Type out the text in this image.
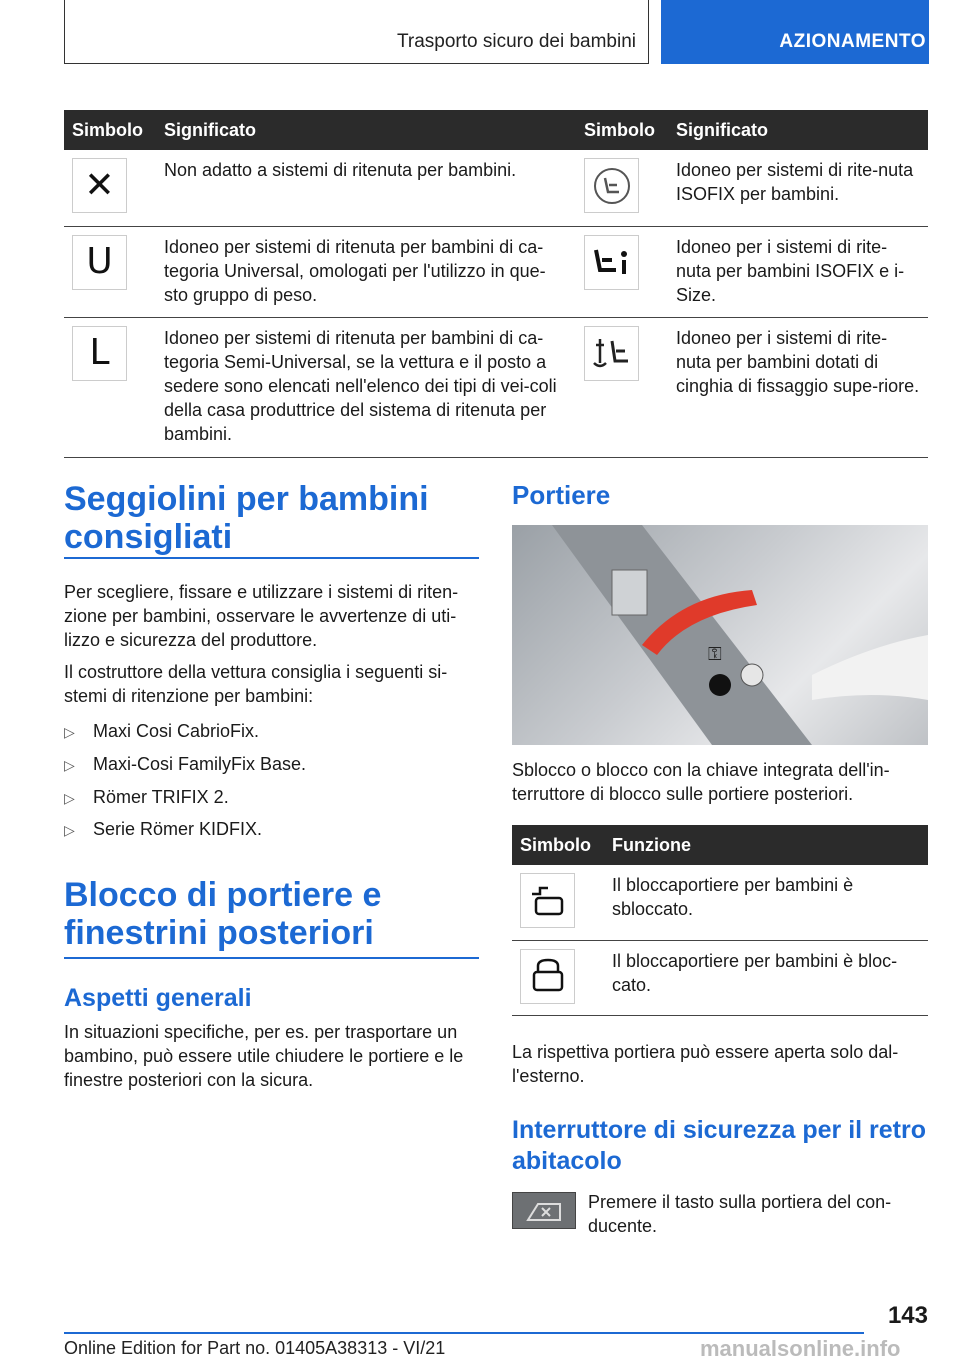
Trasporto sicuro dei bambini	AZIONAMENTO
Simbolo	Significato	Simbolo	Significato

✕	Non adatto a sistemi di ritenuta per bambini.		Idoneo per sistemi di rite-nuta ISOFIX per bambini.

U	Idoneo per sistemi di ritenuta per bambini di ca-tegoria Universal, omologati per l'utilizzo in que-sto gruppo di peso.		Idoneo per i sistemi di rite-nuta per bambini ISOFIX e i-Size.

L	Idoneo per sistemi di ritenuta per bambini di ca-tegoria Semi-Universal, se la vettura e il posto a sedere sono elencati nell'elenco dei tipi di vei-coli della casa produttrice del sistema di ritenuta per bambini.		Idoneo per i sistemi di rite-nuta per bambini dotati di cinghia di fissaggio supe-riore.
Seggiolini per bambini consigliati
Per scegliere, fissare e utilizzare i sistemi di riten-zione per bambini, osservare le avvertenze di uti-lizzo e sicurezza del produttore.
Il costruttore della vettura consiglia i seguenti si-stemi di ritenzione per bambini:
▷ Maxi Cosi CabrioFix.
▷ Maxi-Cosi FamilyFix Base.
▷ Römer TRIFIX 2.
▷ Serie Römer KIDFIX.
Blocco di portiere e finestrini posteriori
Aspetti generali
In situazioni specifiche, per es. per trasportare un bambino, può essere utile chiudere le portiere e le finestre posteriori con la sicura.
Portiere
⚿
Sblocco o blocco con la chiave integrata dell'in-terruttore di blocco sulle portiere posteriori.
Simbolo	Funzione

	Il bloccaportiere per bambini è sbloccato.

	Il bloccaportiere per bambini è bloc-cato.
La rispettiva portiera può essere aperta solo dal-l'esterno.
Interruttore di sicurezza per il retro abitacolo
Premere il tasto sulla portiera del con-ducente.
143
Online Edition for Part no. 01405A38313 - VI/21	manualsonline.info
